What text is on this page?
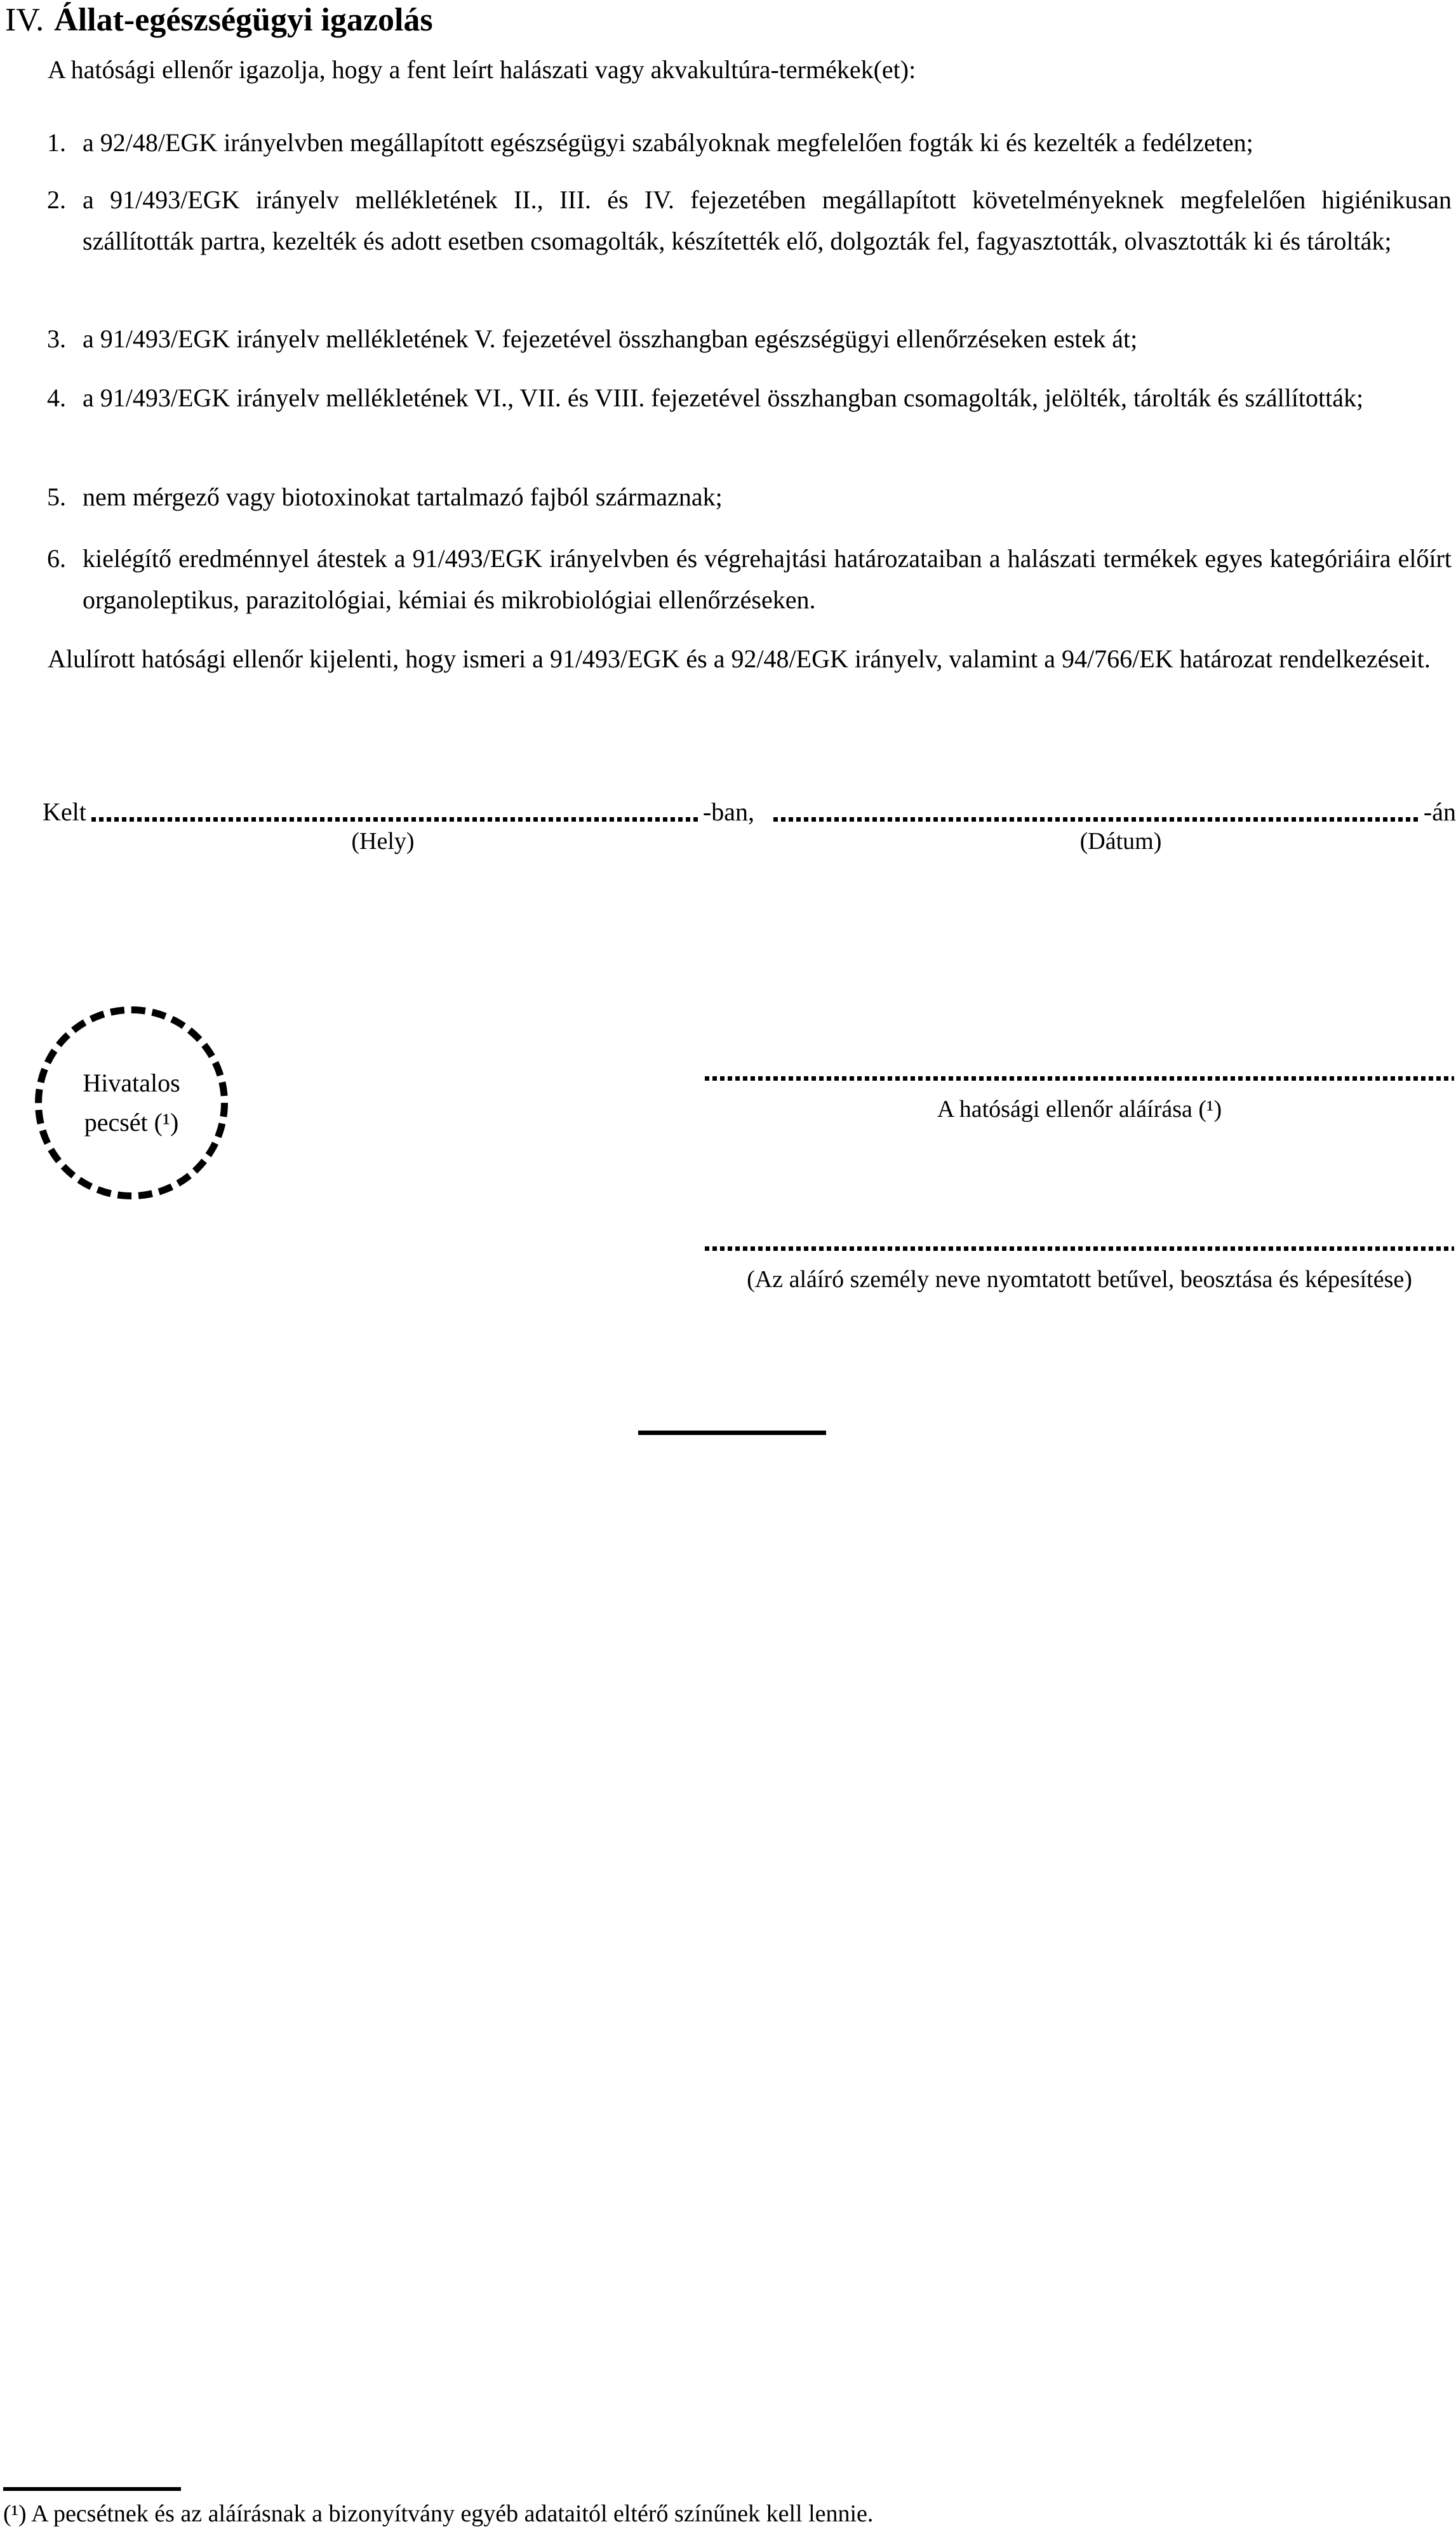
IV. Állat-egészségügyi igazolás
A hatósági ellenőr igazolja, hogy a fent leírt halászati vagy akvakultúra-termékek(et):
1. a 92/48/EGK irányelvben megállapított egészségügyi szabályoknak megfelelően fogták ki és kezelték a fedélzeten;
2. a 91/493/EGK irányelv mellékletének II., III. és IV. fejezetében megállapított követelményeknek megfelelően higiénikusan szállították partra, kezelték és adott esetben csomagolták, készítették elő, dolgozták fel, fagyasztották, olvasztották ki és tárolták;
3. a 91/493/EGK irányelv mellékletének V. fejezetével összhangban egészségügyi ellenőrzéseken estek át;
4. a 91/493/EGK irányelv mellékletének VI., VII. és VIII. fejezetével összhangban csomagolták, jelölték, tárolták és szállították;
5. nem mérgező vagy biotoxinokat tartalmazó fajból származnak;
6. kielégítő eredménnyel átestek a 91/493/EGK irányelvben és végrehajtási határozataiban a halászati termékek egyes kategóriáira előírt organoleptikus, parazitológiai, kémiai és mikrobiológiai ellenőrzéseken.
Alulírott hatósági ellenőr kijelenti, hogy ismeri a 91/493/EGK és a 92/48/EGK irányelv, valamint a 94/766/EK határozat rendelkezéseit.
Kelt	-ban,	-án
(Hely)	(Dátum)
Hivatalos
pecsét (¹)	A hatósági ellenőr aláírása (¹)
(Az aláíró személy neve nyomtatott betűvel, beosztása és képesítése)
(¹) A pecsétnek és az aláírásnak a bizonyítvány egyéb adataitól eltérő színűnek kell lennie.
